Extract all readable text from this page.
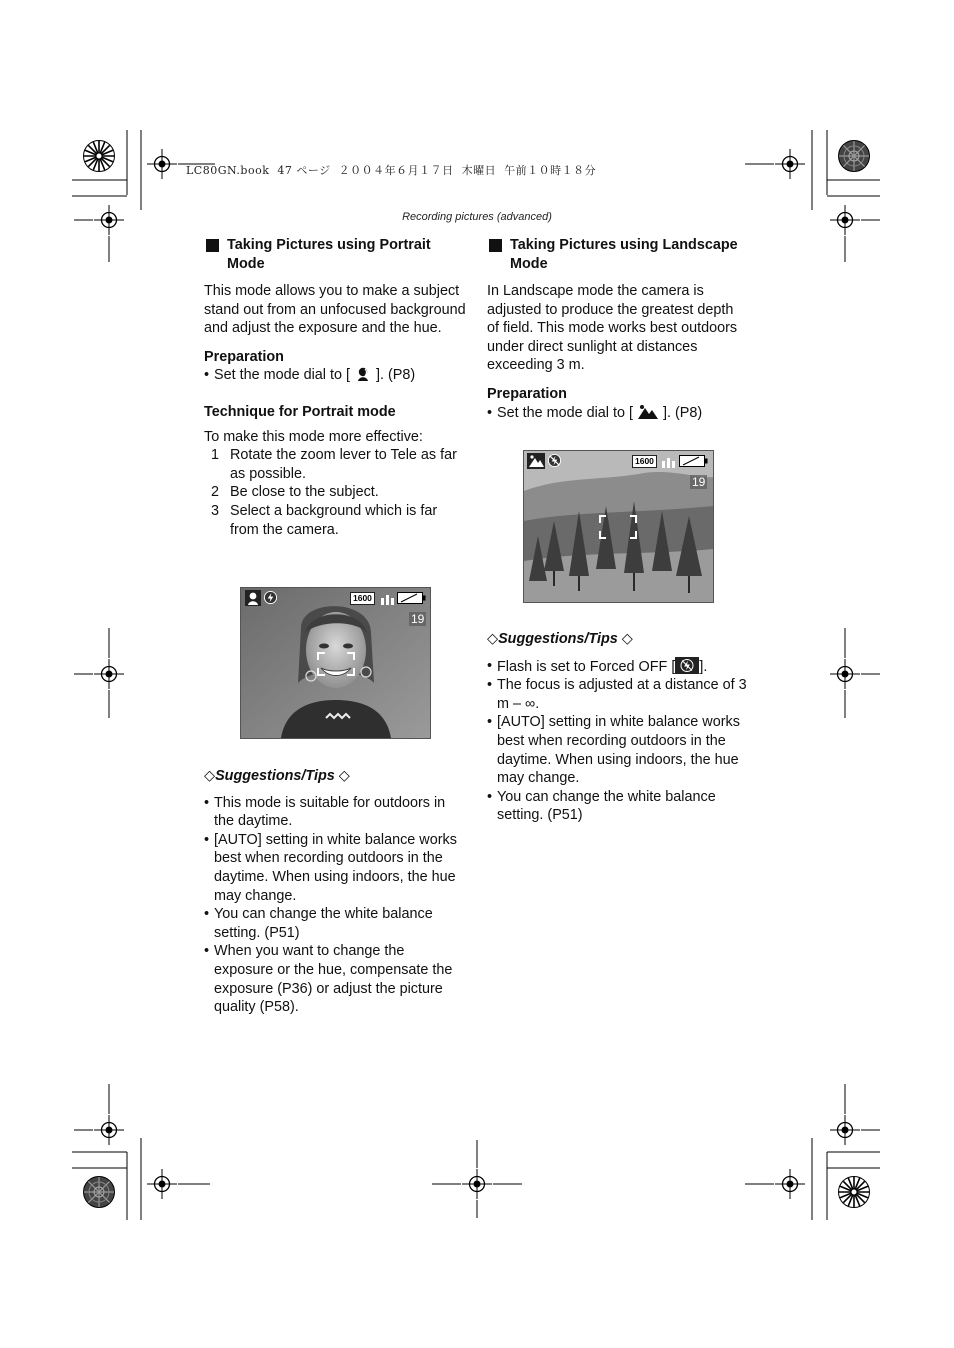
LC80GN.book  47 ページ  ２００４年６月１７日  木曜日  午前１０時１８分
Recording pictures (advanced)
Taking Pictures using Portrait Mode

This mode allows you to make a subject stand out from an unfocused background and adjust the exposure and the hue.

Preparation

• Set the mode dial to [ ]. (P8)

Technique for Portrait mode

To make this mode more effective:

1 Rotate the zoom lever to Tele as far as possible.
2 Be close to the subject.
3 Select a background which is far from the camera.
1600
19
◇Suggestions/Tips ◇

• This mode is suitable for outdoors in the daytime.

• [AUTO] setting in white balance works best when recording outdoors in the daytime. When using indoors, the hue may change.

• You can change the white balance setting. (P51)

• When you want to change the exposure or the hue, compensate the exposure (P36) or adjust the picture quality (P58).

Taking Pictures using Landscape Mode

In Landscape mode the camera is adjusted to produce the greatest depth of field. This mode works best outdoors under direct sunlight at distances exceeding 3 m.

Preparation

• Set the mode dial to [ ]. (P8)

1600
19
◇Suggestions/Tips ◇

• Flash is set to Forced OFF [ ].

• The focus is adjusted at a distance of 3 m – ∞.

• [AUTO] setting in white balance works best when recording outdoors in the daytime. When using indoors, the hue may change.

• You can change the white balance setting. (P51)
